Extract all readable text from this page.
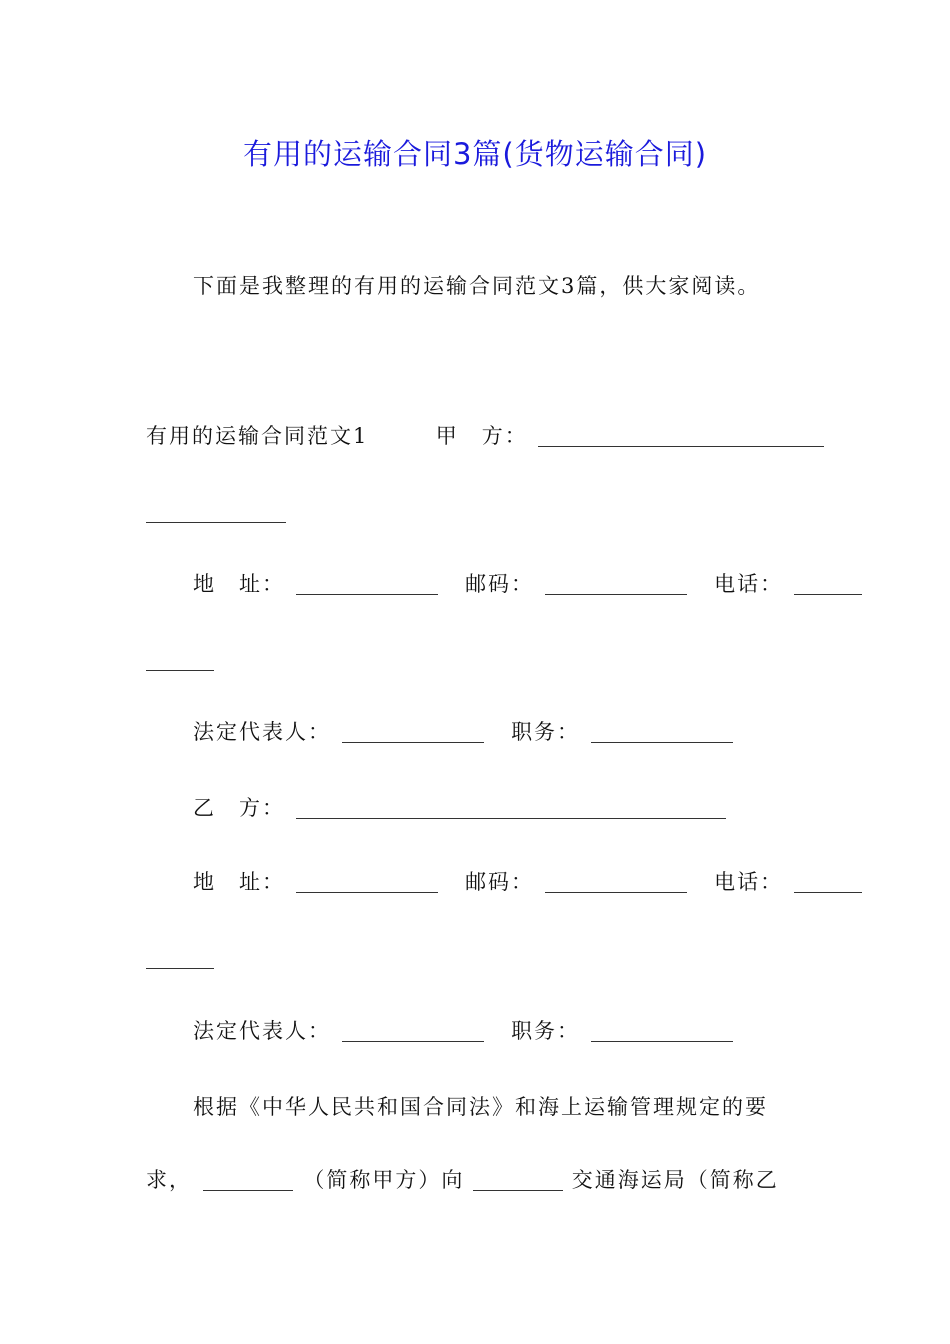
有用的运输合同3篇(货物运输合同)
下面是我整理的有用的运输合同范文3篇，供大家阅读。
有用的运输合同范文1	甲　方：
地　址：	邮码：	电话：
法定代表人：	职务：
乙　方：
地　址：	邮码：	电话：
法定代表人：	职务：
根据《中华人民共和国合同法》和海上运输管理规定的要
求，	（简称甲方）向	交通海运局（简称乙
